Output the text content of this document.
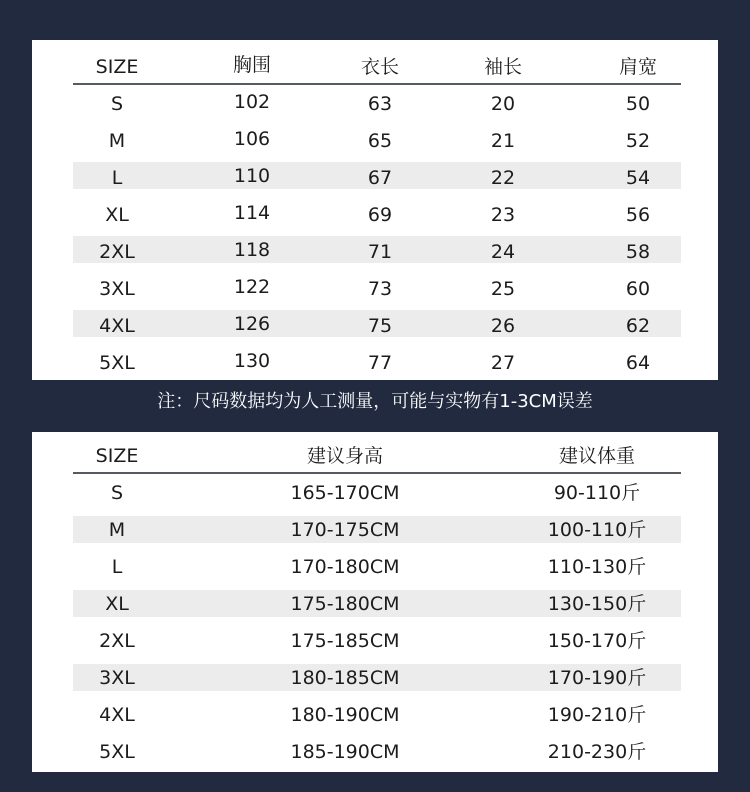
SIZE	胸围	衣长	袖长	肩宽
S	102	63	20	50
M	106	65	21	52
L	110	67	22	54
XL	114	69	23	56
2XL	118	71	24	58
3XL	122	73	25	60
4XL	126	75	26	62
5XL	130	77	27	64
注：尺码数据均为人工测量，可能与实物有1-3CM误差
SIZE	建议身高	建议体重
S	165-170CM	90-110斤
M	170-175CM	100-110斤
L	170-180CM	110-130斤
XL	175-180CM	130-150斤
2XL	175-185CM	150-170斤
3XL	180-185CM	170-190斤
4XL	180-190CM	190-210斤
5XL	185-190CM	210-230斤
